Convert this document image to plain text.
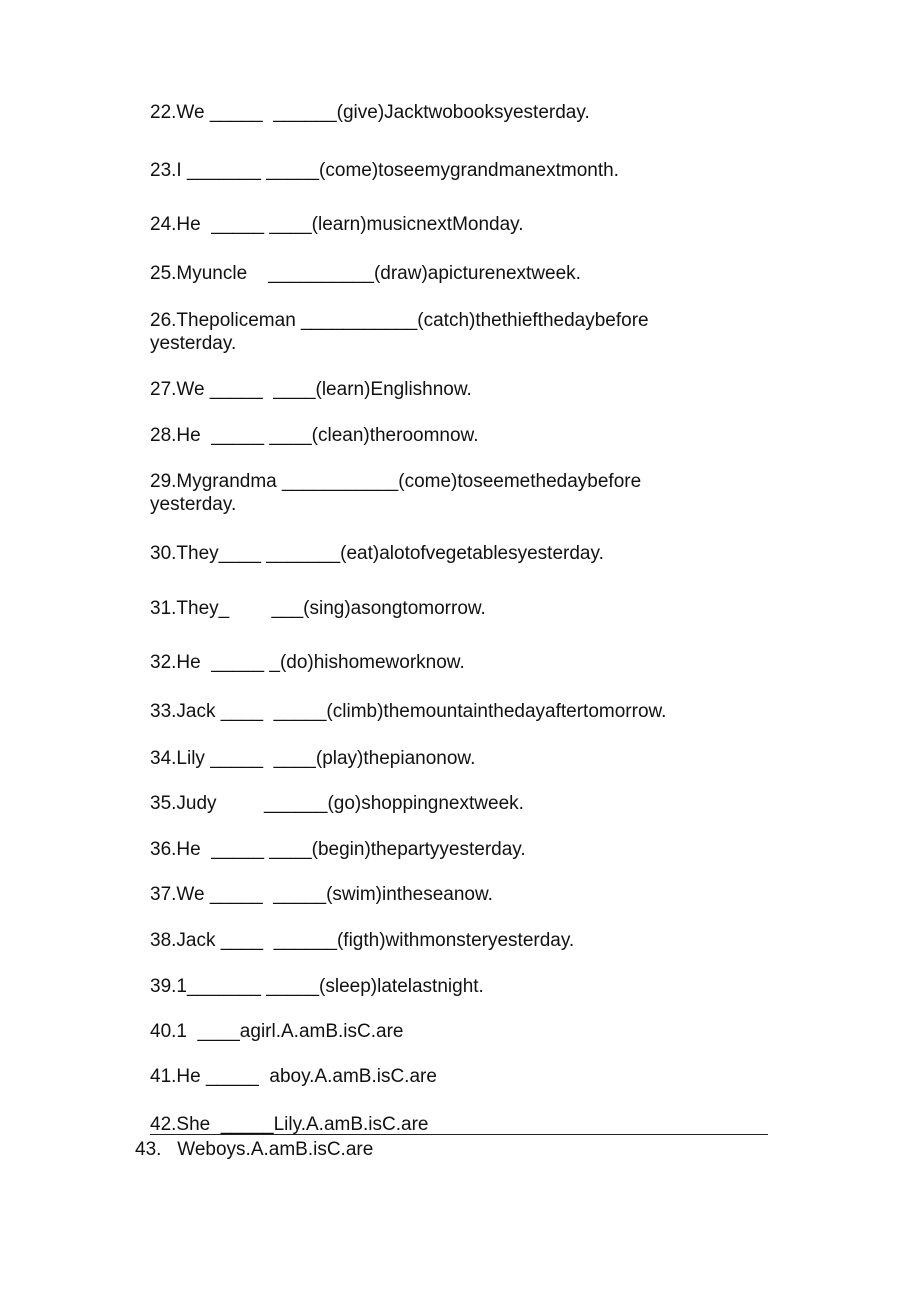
22.We _____  ______(give)Jacktwobooksyesterday.
23.I _______ _____(come)toseemygrandmanextmonth.
24.He  _____ ____(learn)musicnextMonday.
25.Myuncle    __________(draw)apicturenextweek.
26.Thepoliceman ___________(catch)thethiefthedaybefore yesterday.
27.We _____  ____(learn)Englishnow.
28.He  _____ ____(clean)theroomnow.
29.Mygrandma ___________(come)toseemethedaybefore yesterday.
30.They____ _______(eat)alotofvegetablesyesterday.
31.They_        ___(sing)asongtomorrow.
32.He  _____ _(do)hishomeworknow.
33.Jack ____  _____(climb)themountainthedayaftertomorrow.
34.Lily _____  ____(play)thepianonow.
35.Judy         ______(go)shoppingnextweek.
36.He  _____ ____(begin)thepartyyesterday.
37.We _____  _____(swim)intheseanow.
38.Jack ____  ______(figth)withmonsteryesterday.
39.1_______ _____(sleep)latelastnight.
40.1  ____agirl.A.amB.isC.are
41.He _____  aboy.A.amB.isC.are
42.She  _____Lily.A.amB.isC.are
43.   Weboys.A.amB.isC.are
